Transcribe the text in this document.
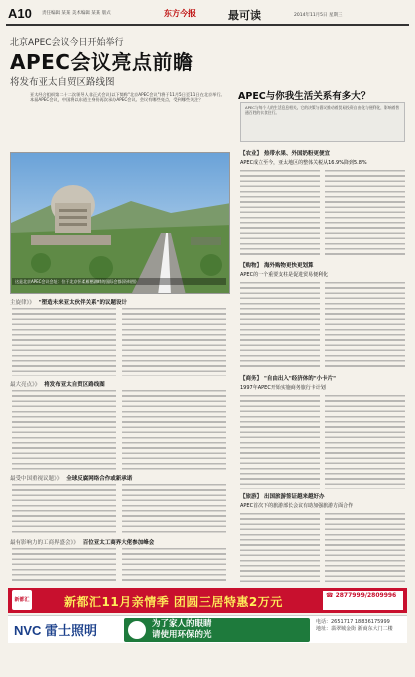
A10 责任编辑 某某 美术编辑 某某 版式	东方今报	最可读	2014年11月5日 星期三
北京APEC会议今日开始举行
APEC会议亮点前瞻
将发布亚太自贸区路线图
亚太经合组织第二十二次领导人非正式会议(以下简称"北京APEC会议")将于11月5日至11日在北京举行。本届APEC会议，中国将以东道主身份再次承办APEC会议。会议有哪些亮点，受到哪些关注？
这是北京APEC会议会址：位于北京怀柔雁栖湖畔的国际会都(资料图)
主旋律》》 "塑造未来亚太伙伴关系"的议题设计
最大亮点》》 将发布亚太自贸区路线图
最受中国重视议题》》 全球反腐网络合作或新承诺
最有影响力的工商界盛会》》 百位亚太工商界大佬参加峰会
APEC与你我生活关系有多大？
APEC与每个人的生活息息相关。它的决策与倡议推动着贸易投资自由化与便利化，影响着普通百姓的衣食住行。
【农业】 热带水果、外国奶粉更便宜
APEC成立至今，亚太地区的整体关税从16.9%降到5.8%
【购物】 海外购物更快更划算
APEC的一个重要支柱是促进贸易便利化
【商务】 "自由出入"经济体的"小卡片"
1997年APEC开始实施商务旅行卡计划
【旅游】 出国旅游签证越来越好办
APEC首次下的旅游部长会议有助加强旅游方面合作
新都汇	新都汇11月亲情季 团圆三居特惠2万元	☎ 2877999/2809996
NVC 雷士照明	为了家人的眼睛
请使用环保的光
电话：2651717 18836175999
地址：翡翠城金街 浙商东大门二楼
